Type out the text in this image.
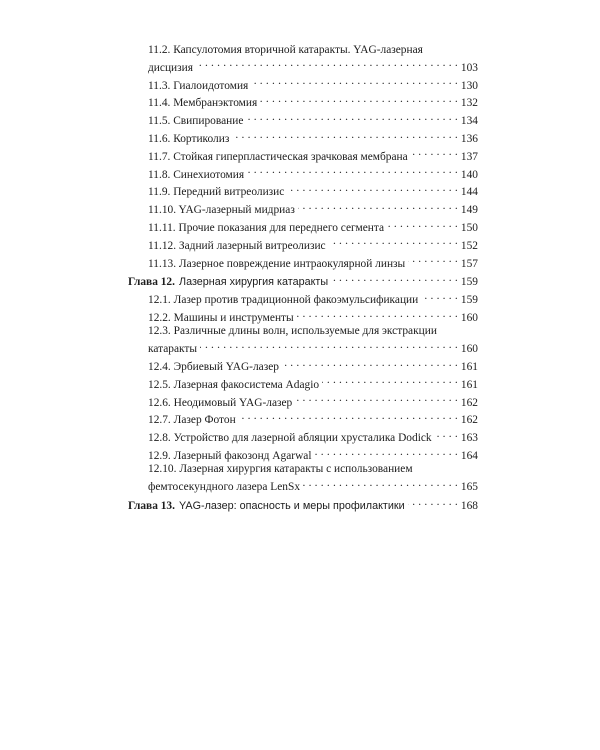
11.2. Капсулотомия вторичной катаракты. YAG-лазерная
дисцизия . . .	103
11.3. Гиалоидотомия . . .	130
11.4. Мембранэктомия . . .	132
11.5. Свипирование . . .	134
11.6. Кортиколиз . . .	136
11.7. Стойкая гиперпластическая зрачковая мембрана . . .	137
11.8. Синехиотомия . . .	140
11.9. Передний витреолизис . . .	144
11.10. YAG-лазерный мидриаз . . .	149
11.11. Прочие показания для переднего сегмента . . .	150
11.12. Задний лазерный витреолизис . . .	152
11.13. Лазерное повреждение интраокулярной линзы . . .	157
Глава 12. Лазерная хирургия катаракты . . .	159
12.1. Лазер против традиционной факоэмульсификации . . .	159
12.2. Машины и инструменты . . .	160
12.3. Различные длины волн, используемые для экстракции
катаракты . . .	160
12.4. Эрбиевый YAG-лазер . . .	161
12.5. Лазерная факосистема Adagio . . .	161
12.6. Неодимовый YAG-лазер . . .	162
12.7. Лазер Фотон . . .	162
12.8. Устройство для лазерной абляции хрусталика Dodick . . .	163
12.9. Лазерный факозонд Agarwal . . .	164
12.10. Лазерная хирургия катаракты с использованием
фемтосекундного лазера LenSx . . .	165
Глава 13. YAG-лазер: опасность и меры профилактики . . .	168
